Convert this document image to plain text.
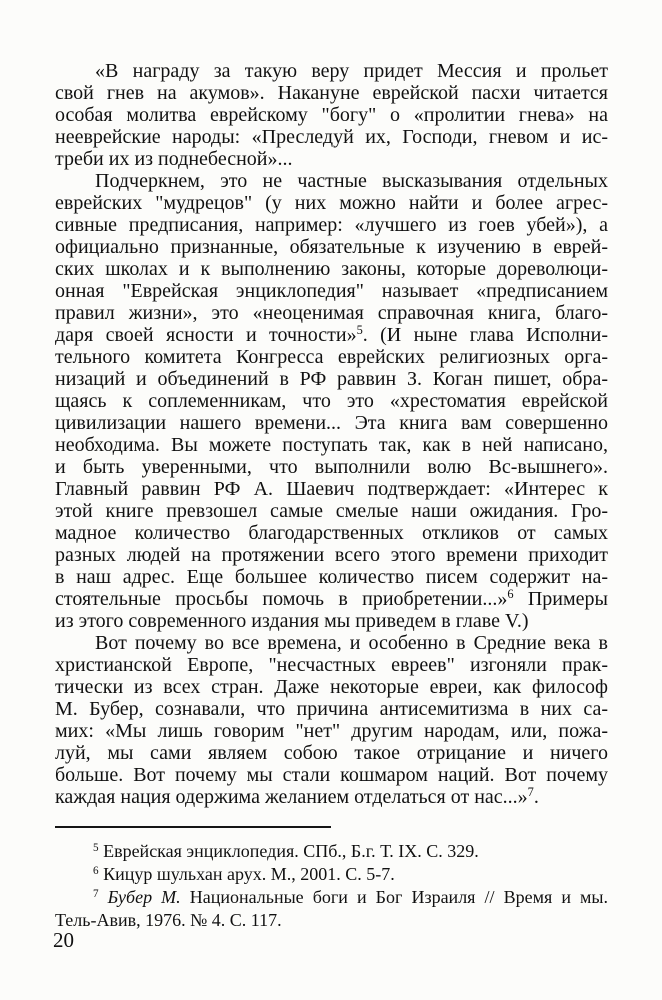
«В награду за такую веру придет Мессия и прольет
свой гнев на акумов». Накануне еврейской пасхи читается
особая молитва еврейскому "богу" о «пролитии гнева» на
нееврейские народы: «Преследуй их, Господи, гневом и ис-
треби их из поднебесной»...
Подчеркнем, это не частные высказывания отдельных
еврейских "мудрецов" (у них можно найти и более агрес-
сивные предписания, например: «лучшего из гоев убей»), а
официально признанные, обязательные к изучению в еврей-
ских школах и к выполнению законы, которые дореволюци-
онная "Еврейская энциклопедия" называет «предписанием
правил жизни», это «неоценимая справочная книга, благо-
даря своей ясности и точности»$^5$. (И ныне глава Исполни-
тельного комитета Конгресса еврейских религиозных орга-
низаций и объединений в РФ раввин З. Коган пишет, обра-
щаясь к соплеменникам, что это «хрестоматия еврейской
цивилизации нашего времени... Эта книга вам совершенно
необходима. Вы можете поступать так, как в ней написано,
и быть уверенными, что выполнили волю Вс-вышнего».
Главный раввин РФ А. Шаевич подтверждает: «Интерес к
этой книге превзошел самые смелые наши ожидания. Гро-
мадное количество благодарственных откликов от самых
разных людей на протяжении всего этого времени приходит
в наш адрес. Еще большее количество писем содержит на-
стоятельные просьбы помочь в приобретении...»$^6$ Примеры
из этого современного издания мы приведем в главе V.)
Вот почему во все времена, и особенно в Средние века в
христианской Европе, "несчастных евреев" изгоняли прак-
тически из всех стран. Даже некоторые евреи, как философ
М. Бубер, сознавали, что причина антисемитизма в них са-
мих: «Мы лишь говорим "нет" другим народам, или, пожа-
луй, мы сами являем собою такое отрицание и ничего
больше. Вот почему мы стали кошмаром наций. Вот почему
каждая нация одержима желанием отделаться от нас...»$^7$.
$^5$ Еврейская энциклопедия. СПб., Б.г. Т. IX. С. 329.
$^6$ Кицур шульхан арух. М., 2001. С. 5-7.
$^7$ Бубер М. Национальные боги и Бог Израиля // Время и мы.
Тель-Авив, 1976. № 4. С. 117.
20
